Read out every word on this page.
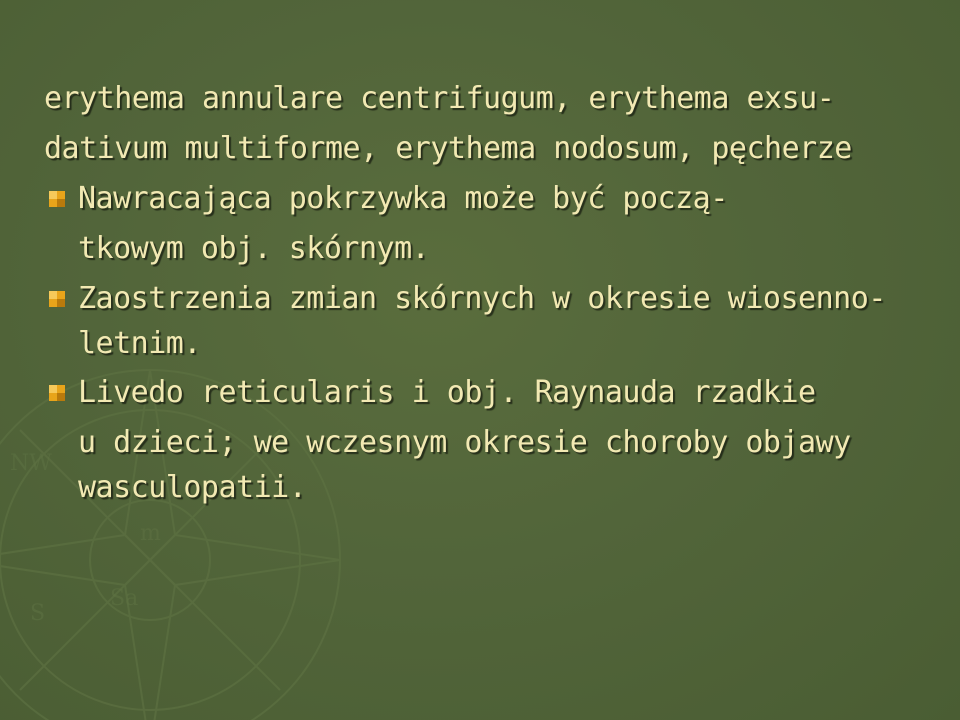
NW
m
S
Sa
erythema annulare centrifugum, erythema exsu-
dativum multiforme, erythema nodosum, pęcherze
Nawracająca pokrzywka może być począ-
tkowym obj. skórnym.
Zaostrzenia zmian skórnych w okresie wiosenno-
letnim.
Livedo reticularis i obj. Raynauda rzadkie
u dzieci; we wczesnym okresie choroby objawy
wasculopatii.
